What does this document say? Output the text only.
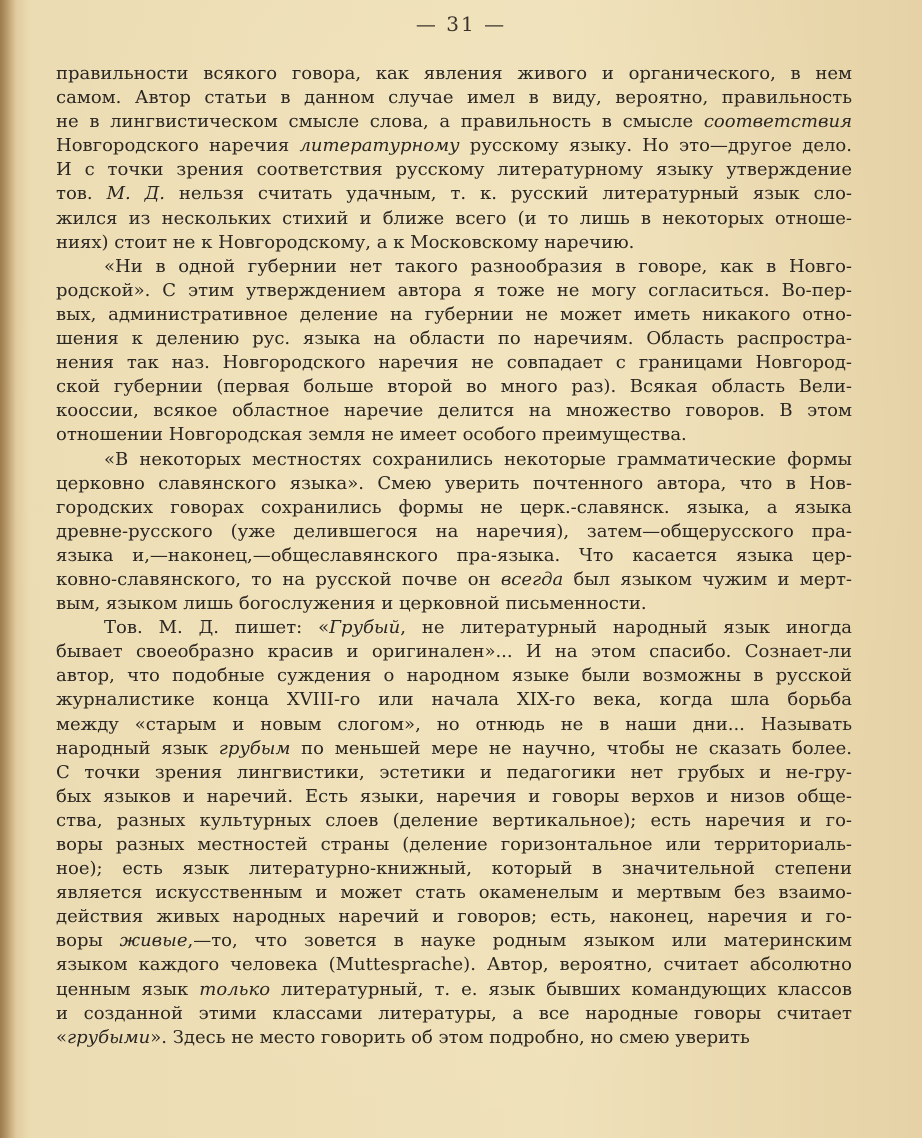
— 31 —
правильности всякого говора, как явления живого и органического, в нем
самом. Автор статьи в данном случае имел в виду, вероятно, правильность
не в лингвистическом смысле слова, а правильность в смысле соответствия
Новгородского наречия литературному русскому языку. Но это—другое дело.
И с точки зрения соответствия русскому литературному языку утверждение
тов. М. Д. нельзя считать удачным, т. к. русский литературный язык сло-
жился из нескольких стихий и ближе всего (и то лишь в некоторых отноше-
ниях) стоит не к Новгородскому, а к Московскому наречию.
«Ни в одной губернии нет такого разнообразия в говоре, как в Новго-
родской». С этим утверждением автора я тоже не могу согласиться. Во-пер-
вых, административное деление на губернии не может иметь никакого отно-
шения к делению рус. языка на области по наречиям. Область распростра-
нения так наз. Новгородского наречия не совпадает с границами Новгород-
ской губернии (первая больше второй во много раз). Всякая область Вели-
кооссии, всякое областное наречие делится на множество говоров. В этом
отношении Новгородская земля не имеет особого преимущества.
«В некоторых местностях сохранились некоторые грамматические формы
церковно славянского языка». Смею уверить почтенного автора, что в Нов-
городских говорах сохранились формы не церк.-славянск. языка, а языка
древне-русского (уже делившегося на наречия), затем—общерусского пра-
языка и,—наконец,—общеславянского пра-языка. Что касается языка цер-
ковно-славянского, то на русской почве он всегда был языком чужим и мерт-
вым, языком лишь богослужения и церковной письменности.
Тов. М. Д. пишет: «Грубый, не литературный народный язык иногда
бывает своеобразно красив и оригинален»... И на этом спасибо. Сознает-ли
автор, что подобные суждения о народном языке были возможны в русской
журналистике конца XVIII-го или начала XIX-го века, когда шла борьба
между «старым и новым слогом», но отнюдь не в наши дни... Называть
народный язык грубым по меньшей мере не научно, чтобы не сказать более.
С точки зрения лингвистики, эстетики и педагогики нет грубых и не-гру-
бых языков и наречий. Есть языки, наречия и говоры верхов и низов обще-
ства, разных культурных слоев (деление вертикальное); есть наречия и го-
воры разных местностей страны (деление горизонтальное или территориаль-
ное); есть язык литературно-книжный, который в значительной степени
является искусственным и может стать окаменелым и мертвым без взаимо-
действия живых народных наречий и говоров; есть, наконец, наречия и го-
воры живые,—то, что зовется в науке родным языком или материнским
языком каждого человека (Muttesprache). Автор, вероятно, считает абсолютно
ценным язык только литературный, т. е. язык бывших командующих классов
и созданной этими классами литературы, а все народные говоры считает
«грубыми». Здесь не место говорить об этом подробно, но смею уверить
